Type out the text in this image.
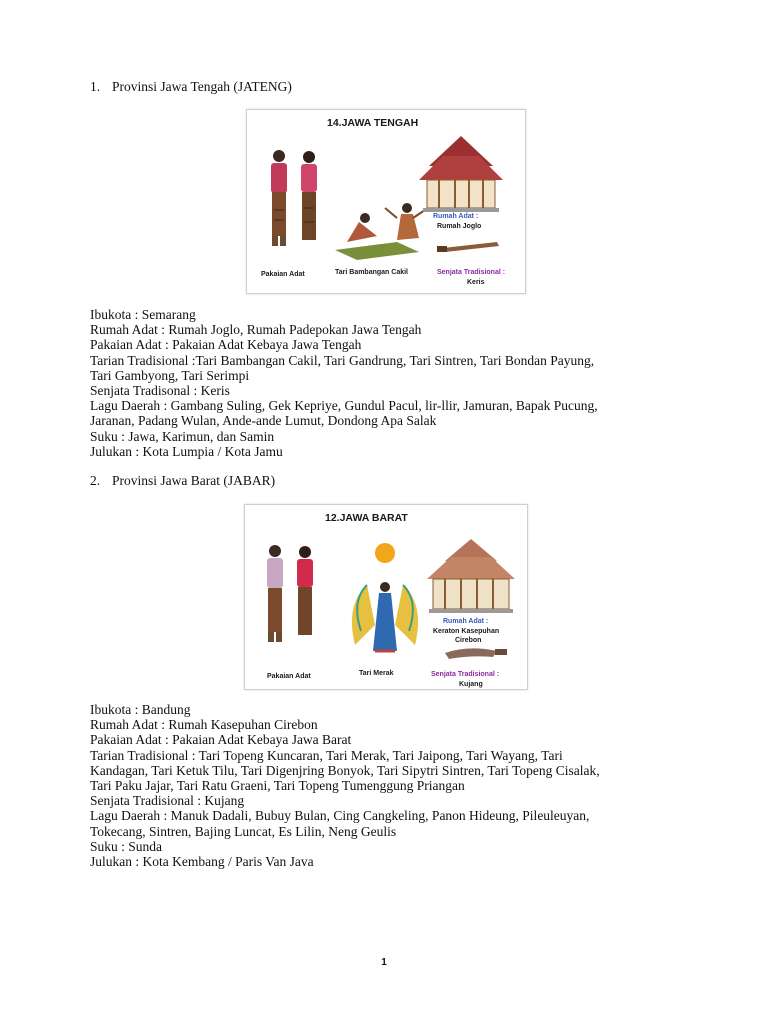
1. Provinsi Jawa Tengah (JATENG)
14.JAWA TENGAH
Pakaian Adat	Tari Bambangan Cakil
Rumah Adat :
Rumah Joglo
Senjata Tradisional :
Keris

Ibukota : Semarang

Rumah Adat : Rumah Joglo, Rumah Padepokan Jawa Tengah

Pakaian Adat : Pakaian Adat Kebaya Jawa Tengah

Tarian Tradisional :Tari Bambangan Cakil, Tari Gandrung, Tari Sintren, Tari Bondan Payung,

Tari Gambyong, Tari Serimpi

Senjata Tradisonal : Keris

Lagu Daerah : Gambang Suling, Gek Kepriye, Gundul Pacul, lir-llir, Jamuran, Bapak Pucung,

Jaranan, Padang Wulan, Ande-ande Lumut, Dondong Apa Salak

Suku : Jawa, Karimun, dan Samin

Julukan : Kota Lumpia / Kota Jamu

2. Provinsi Jawa Barat (JABAR)
12.JAWA BARAT
Pakaian Adat	Tari Merak
Rumah Adat :
Keraton Kasepuhan
Cirebon
Senjata Tradisional :
Kujang

Ibukota : Bandung

Rumah Adat : Rumah Kasepuhan Cirebon

Pakaian Adat : Pakaian Adat Kebaya Jawa Barat

Tarian Tradisional : Tari Topeng Kuncaran, Tari Merak, Tari Jaipong, Tari Wayang, Tari

Kandagan, Tari Ketuk Tilu, Tari Digenjring Bonyok, Tari Sipytri Sintren, Tari Topeng Cisalak,

Tari Paku Jajar, Tari Ratu Graeni, Tari Topeng Tumenggung Priangan

Senjata Tradisional : Kujang

Lagu Daerah : Manuk Dadali, Bubuy Bulan, Cing Cangkeling, Panon Hideung, Pileuleuyan,

Tokecang, Sintren, Bajing Luncat, Es Lilin, Neng Geulis

Suku : Sunda

Julukan : Kota Kembang / Paris Van Java

1
